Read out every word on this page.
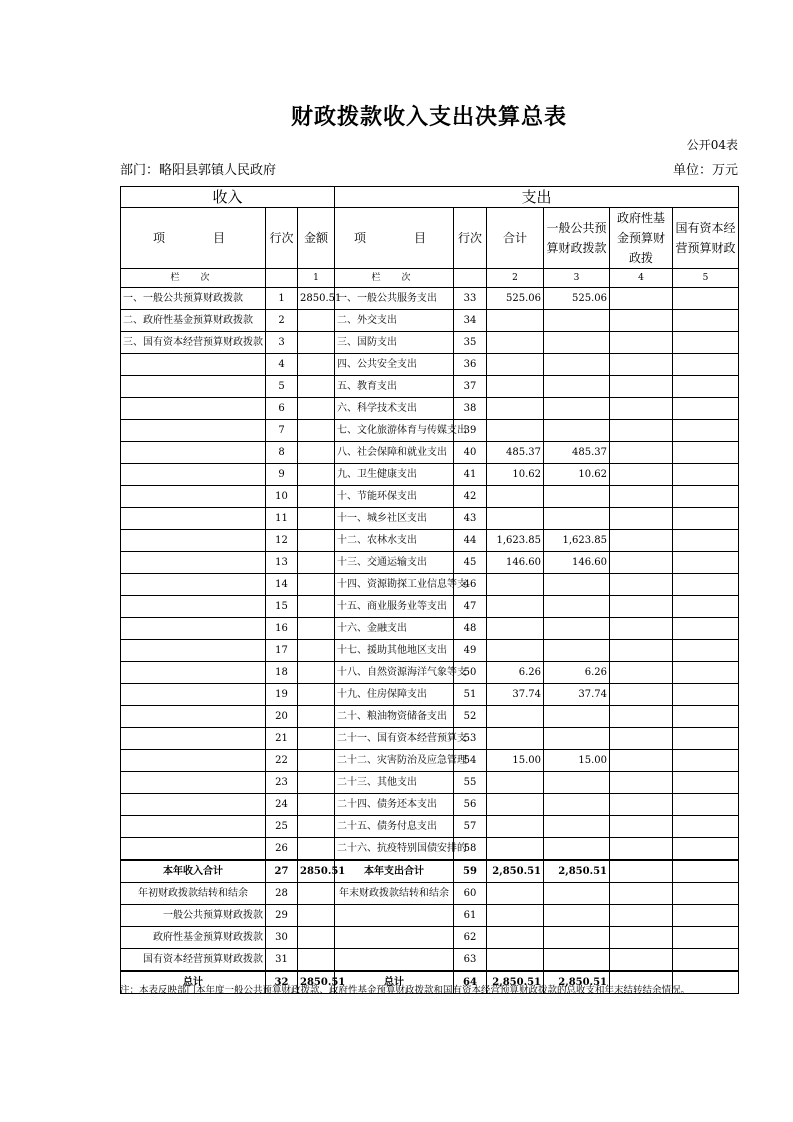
财政拨款收入支出决算总表
公开04表
部门：略阳县郭镇人民政府	单位：万元
收入			支出					
项　　目	行次	金额	项　　目	行次	合计	一般公共预算财政拨款	政府性基金预算财政拨	国有资本经营预算财政
栏　次		1	栏　次		2	3	4	5
一、一般公共预算财政拨款	1	2850.51	一、一般公共服务支出	33	525.06	525.06		
二、政府性基金预算财政拨款	2		二、外交支出	34				
三、国有资本经营预算财政拨款	3		三、国防支出	35				
	4		四、公共安全支出	36				
	5		五、教育支出	37				
	6		六、科学技术支出	38				
	7		七、文化旅游体育与传媒支出	39				
	8		八、社会保障和就业支出	40	485.37	485.37		
	9		九、卫生健康支出	41	10.62	10.62		
	10		十、节能环保支出	42				
	11		十一、城乡社区支出	43				
	12		十二、农林水支出	44	1,623.85	1,623.85		
	13		十三、交通运输支出	45	146.60	146.60		
	14		十四、资源勘探工业信息等支	46				
	15		十五、商业服务业等支出	47				
	16		十六、金融支出	48				
	17		十七、援助其他地区支出	49				
	18		十八、自然资源海洋气象等支	50	6.26	6.26		
	19		十九、住房保障支出	51	37.74	37.74		
	20		二十、粮油物资储备支出	52				
	21		二十一、国有资本经营预算支	53				
	22		二十二、灾害防治及应急管理	54	15.00	15.00		
	23		二十三、其他支出	55				
	24		二十四、债务还本支出	56				
	25		二十五、债务付息支出	57				
	26		二十六、抗疫特别国债安排的	58				
本年收入合计	27	2850.51	本年支出合计	59	2,850.51	2,850.51		
年初财政拨款结转和结余	28		年末财政拨款结转和结余	60				
一般公共预算财政拨款	29			61				
政府性基金预算财政拨款	30			62				
国有资本经营预算财政拨款	31			63				
总计	32	2850.51	总计	64	2,850.51	2,850.51		
注：本表反映部门本年度一般公共预算财政拨款、政府性基金预算财政拨款和国有资本经营预算财政拨款的总收支和年末结转结余情况。
